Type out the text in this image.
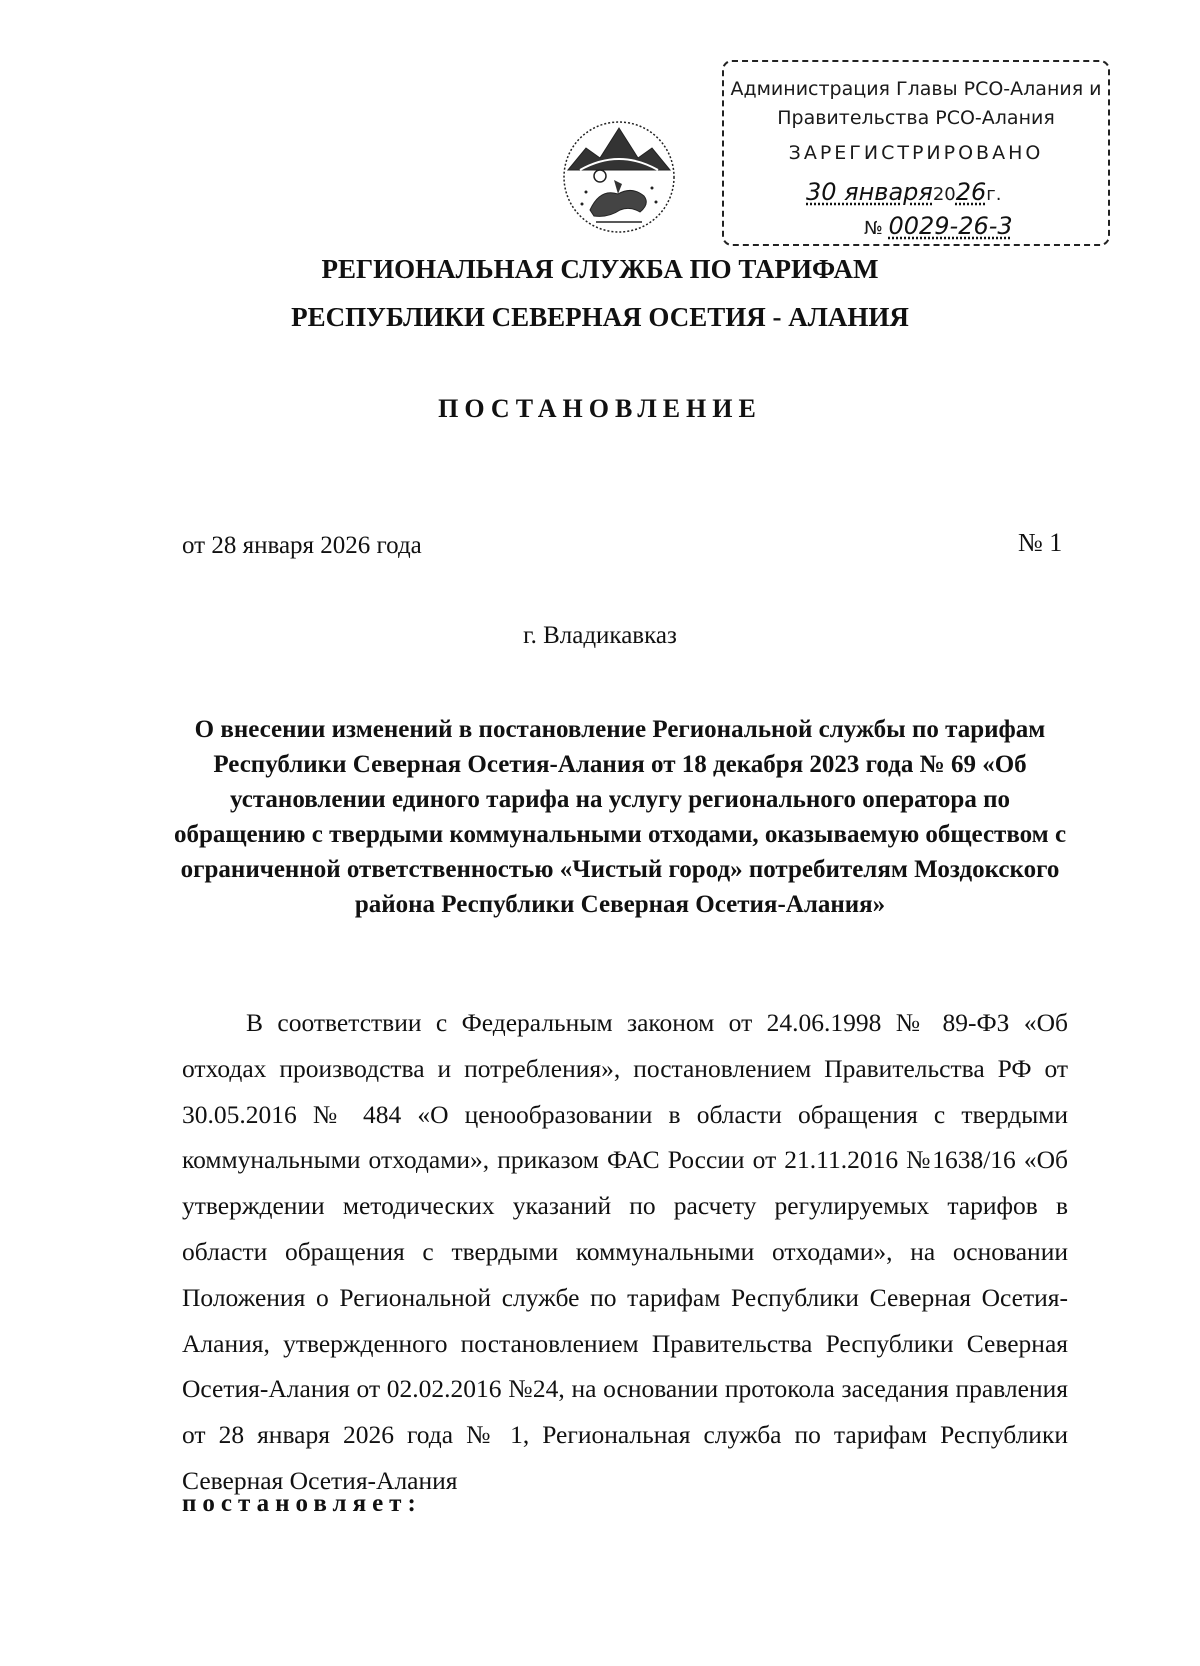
Администрация Главы РСО-Алания и
Правительства РСО-Алания
ЗАРЕГИСТРИРОВАНО
30 января2026г.
№ 0029-26-3
РЕГИОНАЛЬНАЯ СЛУЖБА ПО ТАРИФАМ
РЕСПУБЛИКИ СЕВЕРНАЯ ОСЕТИЯ - АЛАНИЯ
ПОСТАНОВЛЕНИЕ
от 28 января 2026 года	№ 1
г. Владикавказ
О внесении изменений в постановление Региональной службы по тарифам Республики Северная Осетия-Алания от 18 декабря 2023 года № 69 «Об установлении единого тарифа на услугу регионального оператора по обращению с твердыми коммунальными отходами, оказываемую обществом с ограниченной ответственностью «Чистый город» потребителям Моздокского района Республики Северная Осетия-Алания»

В соответствии с Федеральным законом от 24.06.1998 № 89-ФЗ «Об отходах производства и потребления», постановлением Правительства РФ от 30.05.2016 № 484 «О ценообразовании в области обращения с твердыми коммунальными отходами», приказом ФАС России от 21.11.2016 №1638/16 «Об утверждении методических указаний по расчету регулируемых тарифов в области обращения с твердыми коммунальными отходами», на основании Положения о Региональной службе по тарифам Республики Северная Осетия-Алания, утвержденного постановлением Правительства Республики Северная Осетия-Алания от 02.02.2016 №24, на основании протокола заседания правления от 28 января 2026 года № 1, Региональная служба по тарифам Республики Северная Осетия-Алания

постановляет:
